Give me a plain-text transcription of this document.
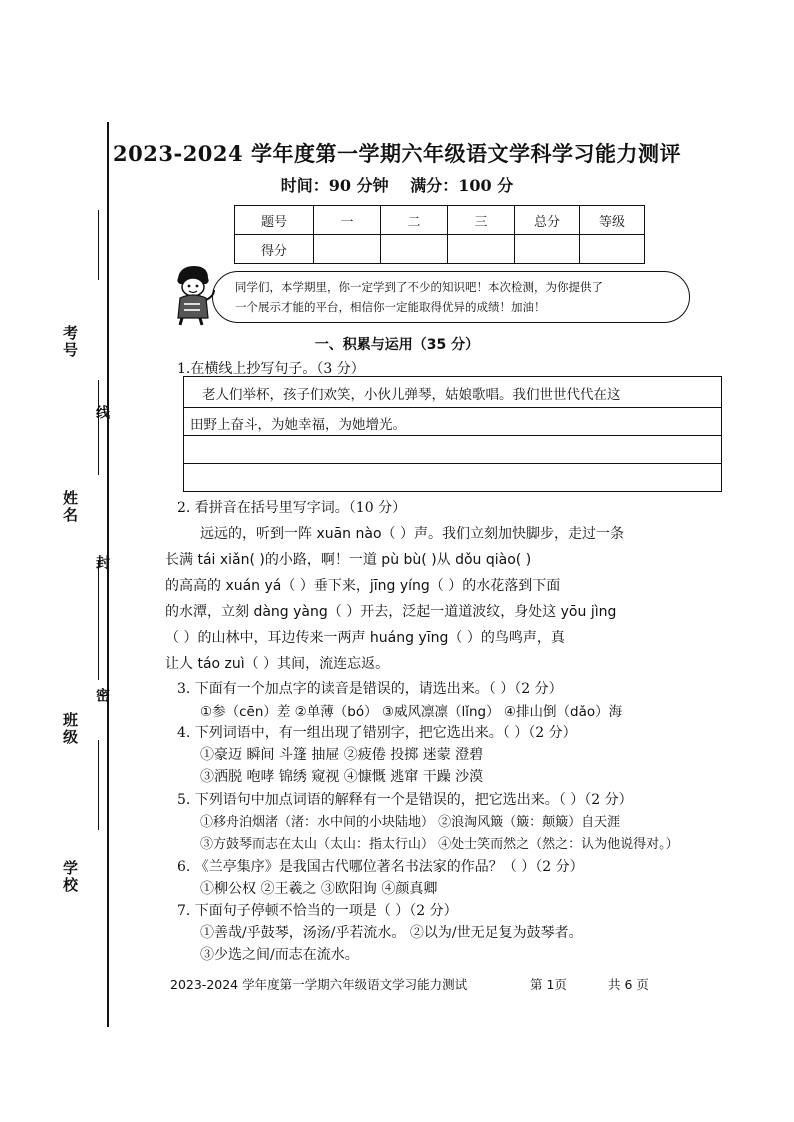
考号
姓名
班级
学校
线
封
密
2023-2024 学年度第一学期六年级语文学科学习能力测评
时间：90 分钟 满分：100 分
题号	一	二	三	总分	等级
得分					
同学们，本学期里，你一定学到了不少的知识吧！本次检测，为你提供了
一个展示才能的平台，相信你一定能取得优异的成绩！加油！
一、积累与运用（35 分）
1.在横线上抄写句子。（3 分）
老人们举杯，孩子们欢笑，小伙儿弹琴，姑娘歌唱。我们世世代代在这
田野上奋斗，为她幸福，为她增光。
2. 看拼音在括号里写字词。（10 分）
远远的，听到一阵 xuān nào（ ）声。我们立刻加快脚步，走过一条
长满 tái xiǎn( )的小路，啊！一道 pù bù( )从 dǒu qiào( )
的高高的 xuán yá（ ）垂下来，jīng yíng（ ）的水花落到下面
的水潭，立刻 dàng yàng（ ）开去，泛起一道道波纹，身处这 yōu jìng
（ ）的山林中，耳边传来一两声 huáng yīng（ ）的鸟鸣声，真
让人 táo zuì（ ）其间，流连忘返。
3. 下面有一个加点字的读音是错误的，请选出来。（ ）（2 分）
①参（cēn）差 ②单薄（bó） ③威风凛凛（lǐng） ④排山倒（dǎo）海
4. 下列词语中，有一组出现了错别字，把它选出来。（ ）（2 分）
①豪迈 瞬间 斗篷 抽屉 ②疲倦 投掷 迷蒙 澄碧
③洒脱 咆哮 锦绣 窥视 ④慷慨 逃窜 干躁 沙漠
5. 下列语句中加点词语的解释有一个是错误的，把它选出来。（ ）（2 分）
①移舟泊烟渚（渚：水中间的小块陆地） ②浪淘风簸（簸：颠簸）自天涯
③方鼓琴而志在太山（太山：指太行山） ④处士笑而然之（然之：认为他说得对。）
6. 《兰亭集序》是我国古代哪位著名书法家的作品？（ ）（2 分）
①柳公权 ②王羲之 ③欧阳询 ④颜真卿
7. 下面句子停顿不恰当的一项是（ ）（2 分）
①善哉/乎鼓琴，汤汤/乎若流水。 ②以为/世无足复为鼓琴者。
③少选之间/而志在流水。
2023-2024 学年度第一学期六年级语文学习能力测试	第 1页	共 6 页
